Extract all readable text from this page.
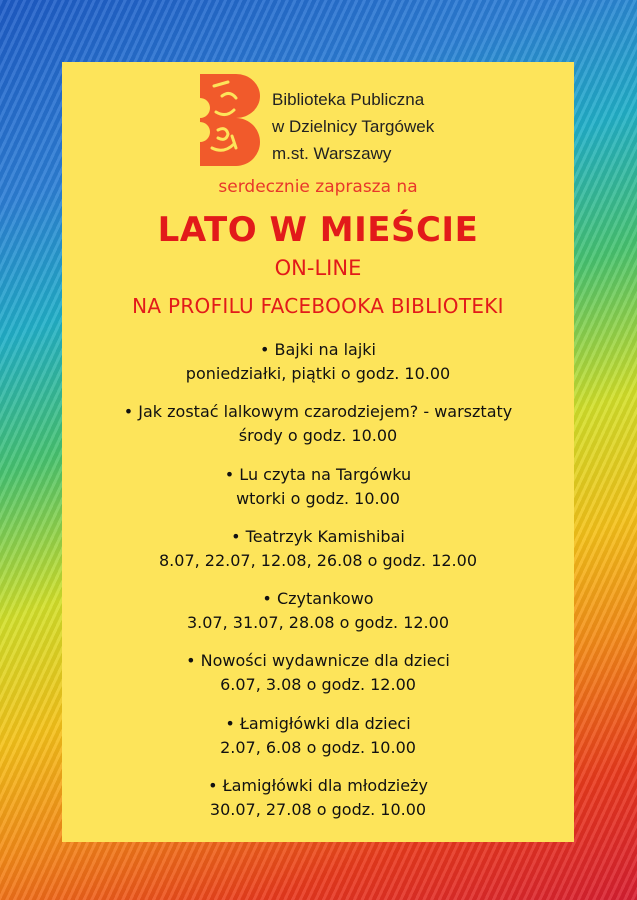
Biblioteka Publiczna
w Dzielnicy Targówek
m.st. Warszawy
serdecznie zaprasza na
LATO W MIEŚCIE
ON-LINE
NA PROFILU FACEBOOKA BIBLIOTEKI
• Bajki na lajki
poniedziałki, piątki o godz. 10.00
• Jak zostać lalkowym czarodziejem? - warsztaty
środy o godz. 10.00
• Lu czyta na Targówku
wtorki o godz. 10.00
• Teatrzyk Kamishibai
8.07, 22.07, 12.08, 26.08 o godz. 12.00
• Czytankowo
3.07, 31.07, 28.08 o godz. 12.00
• Nowości wydawnicze dla dzieci
6.07, 3.08 o godz. 12.00
• Łamigłówki dla dzieci
2.07, 6.08 o godz. 10.00
• Łamigłówki dla młodzieży
30.07, 27.08 o godz. 10.00
